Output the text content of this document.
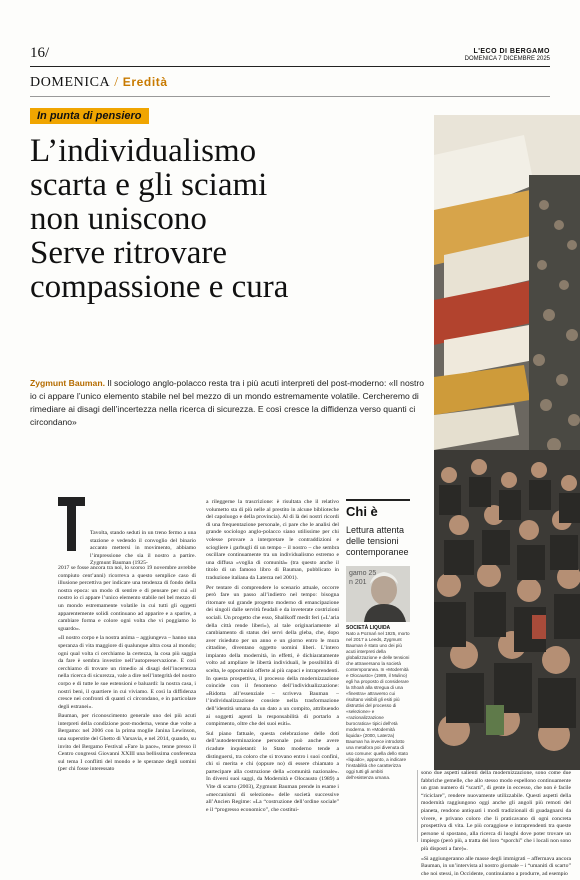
16/	L'ECO DI BERGAMO
DOMENICA 7 DICEMBRE 2025
DOMENICA / Eredità
In punta di pensiero
L’individualismo
scarta e gli sciami
non uniscono
Serve ritrovare
compassione e cura
Zygmunt Bauman. Il sociologo anglo-polacco resta tra i più acuti interpreti del post-moderno: «Il nostro io ci appare l’unico elemento stabile nel bel mezzo di un mondo estremamente volatile. Cercheremo di rimediare ai disagi dell’incertezza nella ricerca di sicurezza. E così cresce la diffidenza verso quanti ci circondano»
Tavolta, stando seduti in un treno fermo a una stazione e vedendo il convoglio del binario accanto mettersi in movimento, abbiamo l’impressione che sia il nostro a partire. Zygmunt Bauman (1925-

2017 se fosse ancora tra noi, lo scorso 19 novembre avrebbe compiuto cent’anni) ricorreva a questo semplice caso di illusione percettiva per indicare una tendenza di fondo della nostra epoca: un modo di sentire e di pensare per cui «il nostro io ci appare l’unico elemento stabile nel bel mezzo di un mondo estremamente volatile in cui tutti gli oggetti apparentemente solidi continuano ad apparire e a sparire, a cambiare forma e colore ogni volta che vi poggiamo lo sguardo».

«Il nostro corpo e la nostra anima – aggiungeva – hanno una speranza di vita maggiore di qualunque altra cosa al mondo; ogni qual volta ci cerchiamo la certezza, la cosa più saggia da fare è sembra investire nell’autopreservazione. E così cerchiamo di trovare un rimedio ai disagi dell’incertezza nella ricerca di sicurezza, vale a dire nell’integrità del nostro corpo e di tutte le sue estensioni e baluardi: la nostra casa, i nostri beni, il quartiere in cui viviamo. E così la diffidenza cresce nei confronti di quanti ci circondano, e in particolare degli estranei».

Bauman, per riconoscimento generale uno dei più acuti interpreti della condizione post-moderna, venne due volte a Bergamo: nel 2006 con la prima moglie Janina Lewinson, una superstite del Ghetto di Varsavia, e nel 2014, quando, su invito del Bergamo Festival «Fare la pace», tenne presso il Centro congressi Giovanni XXIII una bellissima conferenza sul tema I conflitti del mondo e le speranze degli uomini (per chi fosse interessato

a rileggerne la trascrizione: è risultata che il relativo volumetto sta di più nelle al prestito in alcune biblioteche del capoluogo e della provincia). Al di là dei nostri ricordi di una frequentazione personale, ci pare che le analisi del grande sociologo anglo-polacco siano utilissime per chi volesse provare a interpretare le contraddizioni e sciogliere i garbugli di un tempo – il nostro – che sembra oscillare continuamente tra un individualismo estremo e una diffusa «voglia di comunità» (tra questo anche il titolo di un famoso libro di Bauman, pubblicato in traduzione italiana da Laterza nel 2001).

Per tentare di comprendere lo scenario attuale, occorre però fare un passo all’indietro nel tempo: bisogna ritornare sul grande progetto moderno di emancipazione dei singoli dalle servitù feudali e da inveterate costrizioni sociali. Un progetto che esso, Shalikoff medit feri («L’aria della città rende liberi»), al tale originariamente al cambiamento di status dei servi della gleba, che, dopo aver risieduto per un anno e un giorno entro le mura cittadine, diventano oggetto uomini liberi. L’intero impianto della modernità, in effetti, è dichiaratamente volto ad ampliare le libertà individuali, le possibilità di scelta, le opportunità offerte ai più capaci e intraprendenti. In questa prospettiva, il processo della modernizzazione coincide con il fenomeno dell’individualizzazione: «Ridotta all’essenziale – scriveva Bauman – l’individualizzazione consiste nella trasformazione dell’identità umana da un dato a un compito, attribuendo ai soggetti agenti la responsabilità di portarlo a compimento, oltre che dei suoi esiti».

Sul piano fattuale, questa celebrazione delle doti dell’autodeterminazione personale può anche avere ricadute inquietanti: lo Stato moderno tende a distinguersi, tra coloro che si trovano entro i suoi confini, chi si merita e chi (oppure no) di essere chiamato a partecipare alla costruzione della «comunità nazionale». In diversi suoi saggi, da Modernità e Olocausto (1989) a Vite di scarto (2003), Zygmunt Bauman prende in esame i «meccanismi di selezione» delle società successive all’Ancien Regime: «La “costruzione dell’ordine sociale” e il “progresso economico”, che costitui-

Chi è
Lettura attenta delle tensioni contemporanee
gamo 25 n 201
SOCIETÀ LIQUIDA
Nato a Poznań nel 1925, morto nel 2017 a Leeds, Zygmunt Bauman è stato uno dei più acuti interpreti della globalizzazione e delle tensioni che attraversano la società contemporanea. In «Modernità e Olocausto» (1989, il Mulino) egli ha proposto di considerare la Shoah alla stregua di una «finestra» attraverso cui risultano visibili gli esiti più distruttivi del processo di «selezione» e «razionalizzazione burocratica» tipici dell’età moderna. In «Modernità liquida» (2000, Laterza) Bauman ha invece introdotto una metafora poi divenuta di uso comune: quella dello stato «liquido», appunto, a indicare l’instabilità che caratterizza oggi tutti gli ambiti dell’esistenza umana.

sono due aspetti salienti della modernizzazione, sono come due fabbriche gemelle, che allo stesso modo espellono continuamente un gran numero di “scarti”, di gente in eccesso, che non è facile “riciclare”, rendere nuovamente utilizzabile. Questi aspetti della modernità raggiungono oggi anche gli angoli più remoti del pianeta, rendono antiquati i modi tradizionali di guadagnarsi da vivere, e privano coloro che li praticavano di ogni concreta prospettiva di vita. Le più coraggiose e intraprendenti tra queste persone si spostano, alla ricerca di luoghi dove poter trovare un impiego (però più, a tratta dei loro “sporchi” che i locali non sono più disposti a fare)».

«Si aggiungeranno alle masse degli immigrati – affermava ancora Bauman, in un’intervista al nostro giornale – i “umaniti di scarto” che noi stessi, in Occidente, continuiamo a produrre, ad esempio
